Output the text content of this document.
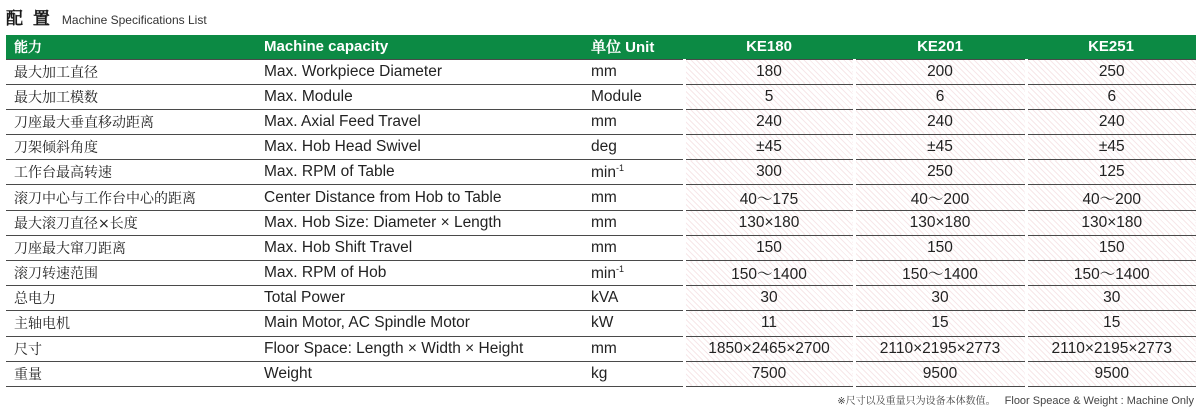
配 置 Machine Specifications List
能力	Machine capacity	单位 Unit	KE180	KE201	KE251
最大加工直径	Max. Workpiece Diameter	mm	180	200	250
最大加工模数	Max. Module	Module	5	6	6
刀座最大垂直移动距离	Max. Axial Feed Travel	mm	240	240	240
刀架倾斜角度	Max. Hob Head Swivel	deg	±45	±45	±45
工作台最高转速	Max. RPM of Table	$\min^{-1}$	300	250	125
滚刀中心与工作台中心的距离	Center Distance from Hob to Table	mm	40～175	40～200	40～200
最大滚刀直径×长度	Max. Hob Size: Diameter × Length	mm	130×180	130×180	130×180
刀座最大窜刀距离	Max. Hob Shift Travel	mm	150	150	150
滚刀转速范围	Max. RPM of Hob	$\min^{-1}$	150～1400	150～1400	150～1400
总电力	Total Power	kVA	30	30	30
主轴电机	Main Motor, AC Spindle Motor	kW	11	15	15
尺寸	Floor Space: Length × Width × Height	mm	1850×2465×2700	2110×2195×2773	2110×2195×2773
重量	Weight	kg	7500	9500	9500
※尺寸以及重量只为设备本体数值。 Floor Speace & Weight : Machine Only
